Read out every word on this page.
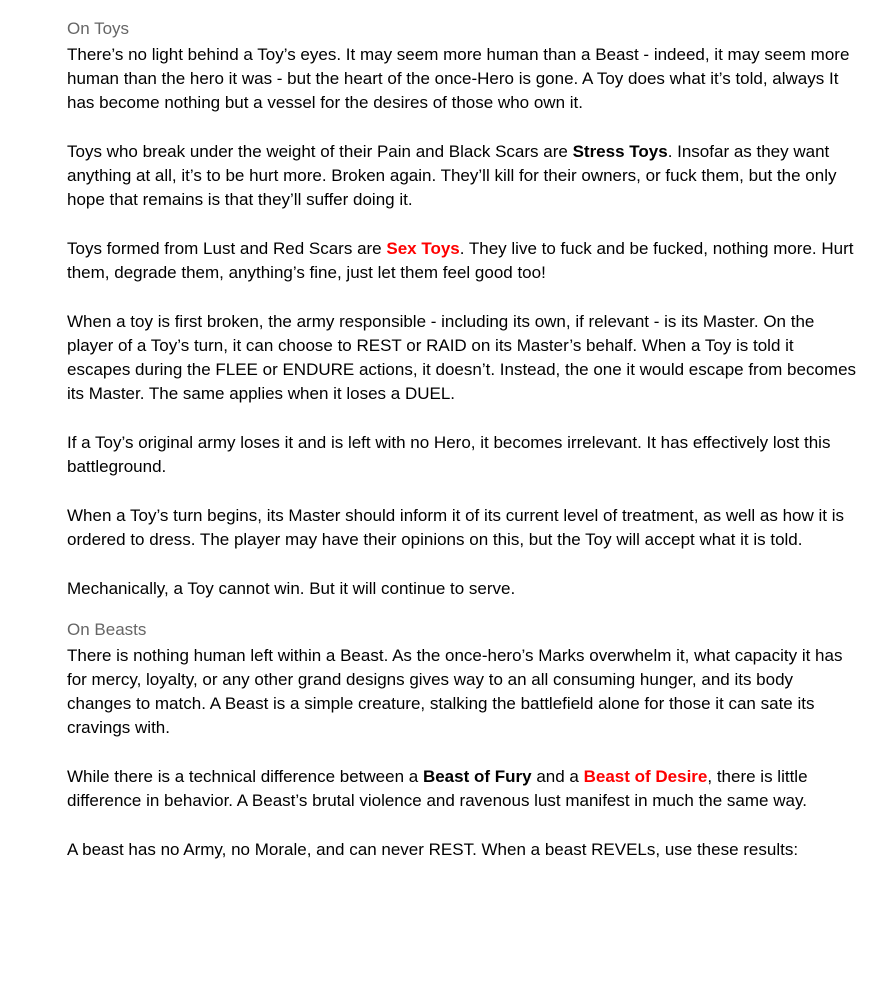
On Toys

There’s no light behind a Toy’s eyes. It may seem more human than a Beast - indeed, it may seem more human than the hero it was - but the heart of the once-Hero is gone. A Toy does what it’s told, always It has become nothing but a vessel for the desires of those who own it.

Toys who break under the weight of their Pain and Black Scars are Stress Toys. Insofar as they want anything at all, it’s to be hurt more. Broken again. They’ll kill for their owners, or fuck them, but the only hope that remains is that they’ll suffer doing it.

Toys formed from Lust and Red Scars are Sex Toys. They live to fuck and be fucked, nothing more. Hurt them, degrade them, anything’s fine, just let them feel good too!

When a toy is first broken, the army responsible - including its own, if relevant - is its Master. On the player of a Toy’s turn, it can choose to REST or RAID on its Master’s behalf. When a Toy is told it escapes during the FLEE or ENDURE actions, it doesn’t. Instead, the one it would escape from becomes its Master. The same applies when it loses a DUEL.

If a Toy’s original army loses it and is left with no Hero, it becomes irrelevant. It has effectively lost this battleground.

When a Toy’s turn begins, its Master should inform it of its current level of treatment, as well as how it is ordered to dress. The player may have their opinions on this, but the Toy will accept what it is told.

Mechanically, a Toy cannot win. But it will continue to serve.

On Beasts

There is nothing human left within a Beast. As the once-hero’s Marks overwhelm it, what capacity it has for mercy, loyalty, or any other grand designs gives way to an all consuming hunger, and its body changes to match. A Beast is a simple creature, stalking the battlefield alone for those it can sate its cravings with.

While there is a technical difference between a Beast of Fury and a Beast of Desire, there is little difference in behavior. A Beast’s brutal violence and ravenous lust manifest in much the same way.

A beast has no Army, no Morale, and can never REST. When a beast REVELs, use these results:
